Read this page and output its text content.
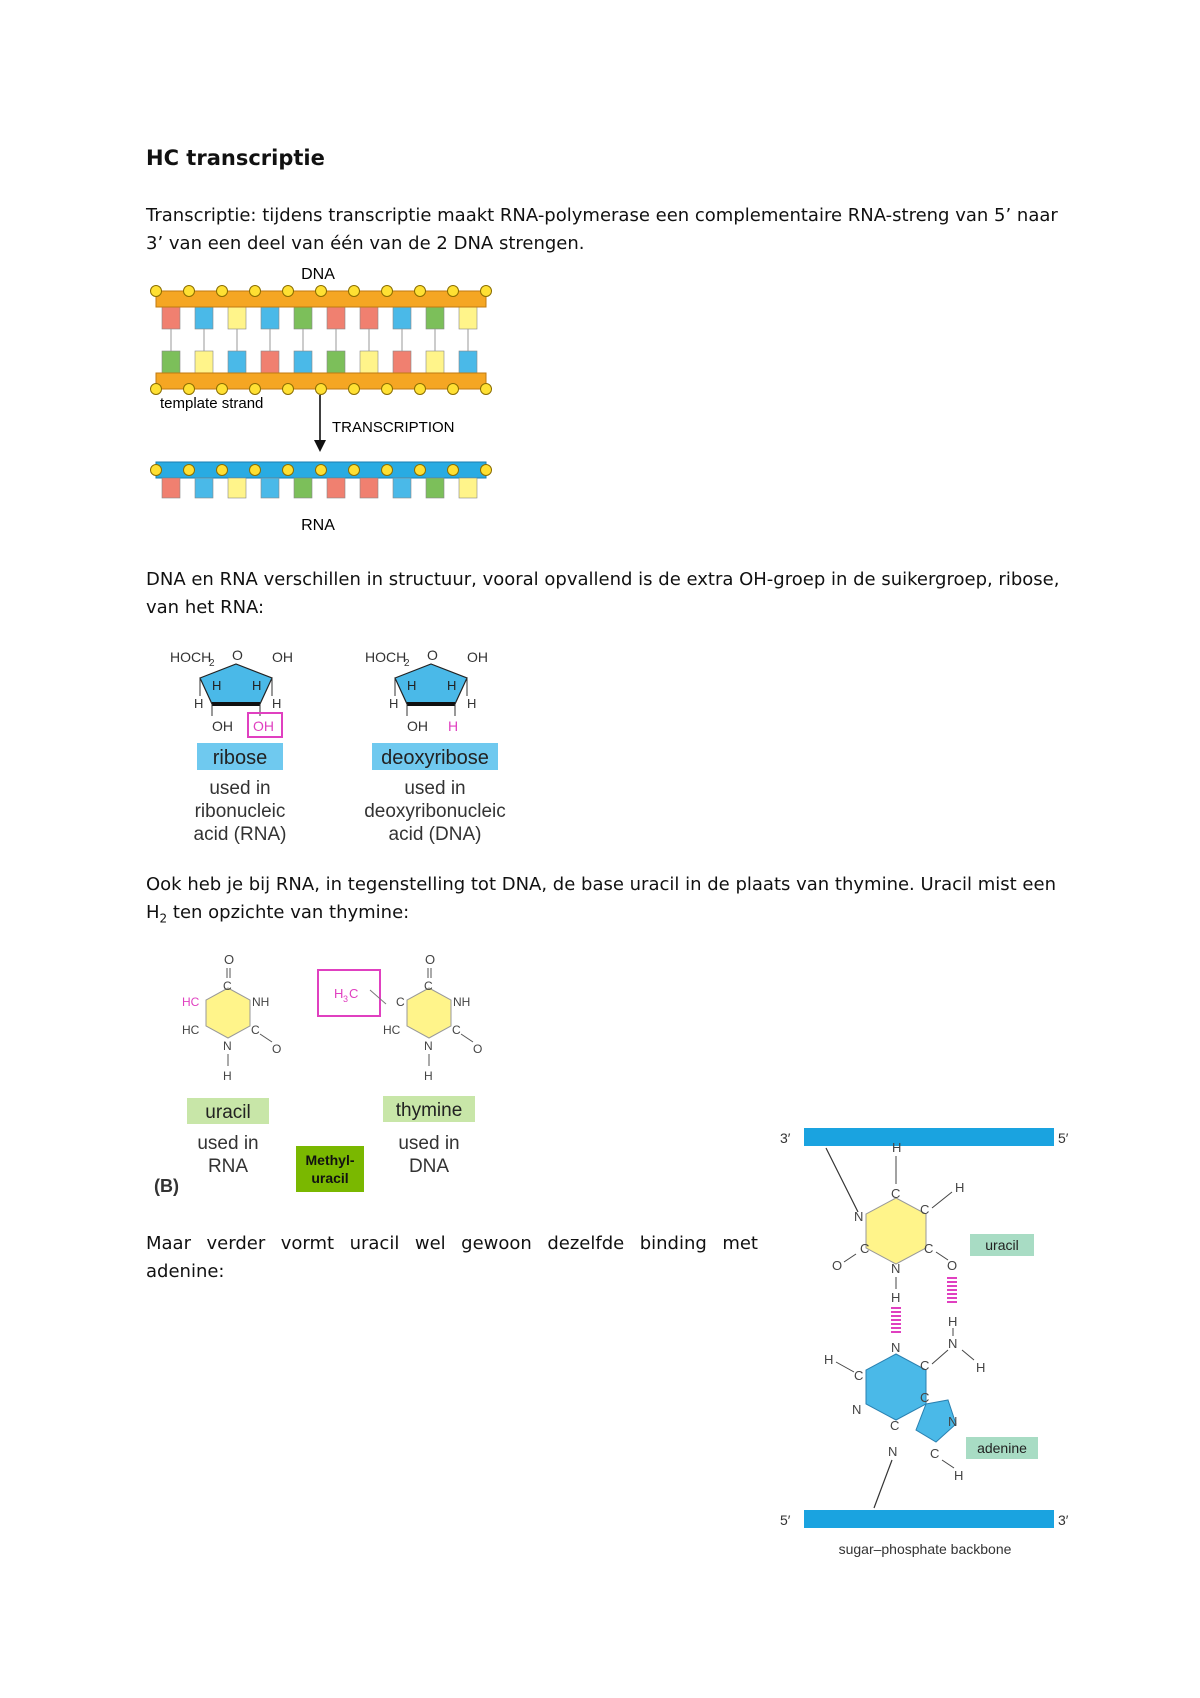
HC transcriptie
Transcriptie: tijdens transcriptie maakt RNA-polymerase een complementaire RNA-streng van 5’ naar 3’ van een deel van één van de 2 DNA strengen.
DNA
template strand
TRANSCRIPTION
RNA
DNA en RNA verschillen in structuur, vooral opvallend is de extra OH-groep in de suikergroep, ribose, van het RNA:
HOCH
2
O OH
H H
H	H
OH OH
ribose
used in
ribonucleic
acid (RNA)
HOCH
2
O OH
H H
H	H
OH H
deoxyribose
used in
deoxyribonucleic
acid (DNA)
Ook heb je bij RNA, in tegenstelling tot DNA, de base uracil in de plaats van thymine. Uracil mist een $H_2$ ten opzichte van thymine:
O
C
HC	NH
HC	C
O
N
H
uracil
used in
RNA
(B)
Methyl-
uracil
H 3 C
O
C
C	NH
HC	C
O
N
H
thymine
used in
DNA
Maar verder vormt uracil wel gewoon dezelfde binding met adenine:
3′	5′
5′	3′
sugar–phosphate backbone
H
C
C
H
N
C
O
C
O
N
H
uracil
N
C
N
H
H
H
C
N
C
C	N
N	C
H
adenine
